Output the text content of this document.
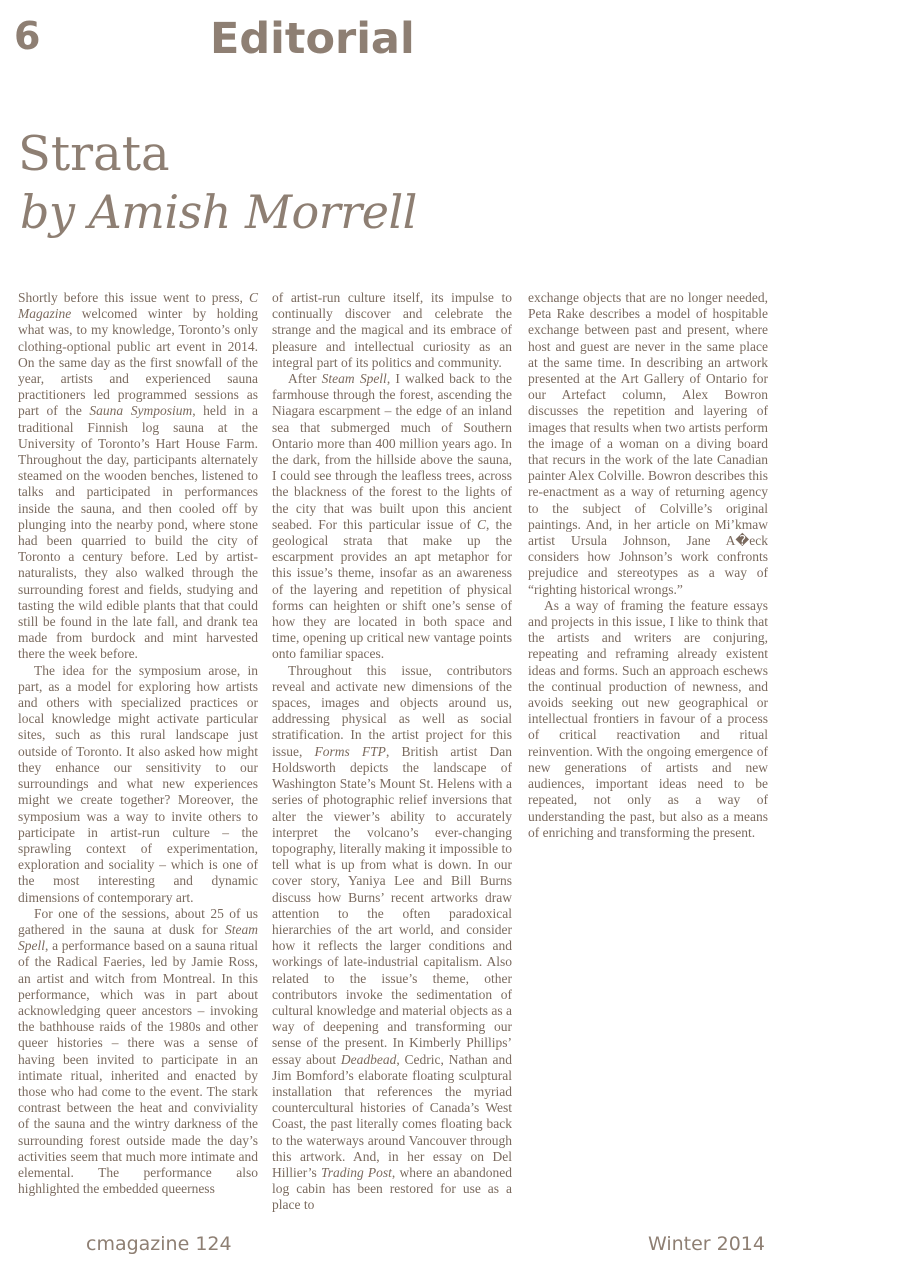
6	Editorial
Strata
by Amish Morrell

Shortly before this issue went to press, C Magazine welcomed winter by holding what was, to my knowledge, Toronto’s only clothing-optional public art event in 2014. On the same day as the first snowfall of the year, artists and experienced sauna practitioners led programmed sessions as part of the Sauna Symposium, held in a traditional Finnish log sauna at the University of Toronto’s Hart House Farm. Throughout the day, participants alternately steamed on the wooden benches, listened to talks and participated in performances inside the sauna, and then cooled off by plunging into the nearby pond, where stone had been quarried to build the city of Toronto a century before. Led by artist-naturalists, they also walked through the surrounding forest and fields, studying and tasting the wild edible plants that that could still be found in the late fall, and drank tea made from burdock and mint harvested there the week before.

The idea for the symposium arose, in part, as a model for exploring how artists and others with specialized practices or local knowledge might activate particular sites, such as this rural landscape just outside of Toronto. It also asked how might they enhance our sensitivity to our surroundings and what new experiences might we create together? Moreover, the symposium was a way to invite others to participate in artist-run culture – the sprawling context of experimentation, exploration and sociality – which is one of the most interesting and dynamic dimensions of contemporary art.

For one of the sessions, about 25 of us gathered in the sauna at dusk for Steam Spell, a performance based on a sauna ritual of the Radical Faeries, led by Jamie Ross, an artist and witch from Montreal. In this performance, which was in part about acknowledging queer ancestors – invoking the bathhouse raids of the 1980s and other queer histories – there was a sense of having been invited to participate in an intimate ritual, inherited and enacted by those who had come to the event. The stark contrast between the heat and conviviality of the sauna and the wintry darkness of the surrounding forest outside made the day’s activities seem that much more intimate and elemental. The performance also highlighted the embedded queerness

of artist-run culture itself, its impulse to continually discover and celebrate the strange and the magical and its embrace of pleasure and intellectual curiosity as an integral part of its politics and community.

After Steam Spell, I walked back to the farmhouse through the forest, ascending the Niagara escarpment – the edge of an inland sea that submerged much of Southern Ontario more than 400 million years ago. In the dark, from the hillside above the sauna, I could see through the leafless trees, across the blackness of the forest to the lights of the city that was built upon this ancient seabed. For this particular issue of C, the geological strata that make up the escarpment provides an apt metaphor for this issue’s theme, insofar as an awareness of the layering and repetition of physical forms can heighten or shift one’s sense of how they are located in both space and time, opening up critical new vantage points onto familiar spaces.

Throughout this issue, contributors reveal and activate new dimensions of the spaces, images and objects around us, addressing physical as well as social stratification. In the artist project for this issue, Forms FTP, British artist Dan Holdsworth depicts the landscape of Washington State’s Mount St. Helens with a series of photographic relief inversions that alter the viewer’s ability to accurately interpret the volcano’s ever-changing topography, literally making it impossible to tell what is up from what is down. In our cover story, Yaniya Lee and Bill Burns discuss how Burns’ recent artworks draw attention to the often paradoxical hierarchies of the art world, and consider how it reflects the larger conditions and workings of late-industrial capitalism. Also related to the issue’s theme, other contributors invoke the sedimentation of cultural knowledge and material objects as a way of deepening and transforming our sense of the present. In Kimberly Phillips’ essay about Deadbead, Cedric, Nathan and Jim Bomford’s elaborate floating sculptural installation that references the myriad countercultural histories of Canada’s West Coast, the past literally comes floating back to the waterways around Vancouver through this artwork. And, in her essay on Del Hillier’s Trading Post, where an abandoned log cabin has been restored for use as a place to

exchange objects that are no longer needed, Peta Rake describes a model of hospitable exchange between past and present, where host and guest are never in the same place at the same time. In describing an artwork presented at the Art Gallery of Ontario for our Artefact column, Alex Bowron discusses the repetition and layering of images that results when two artists perform the image of a woman on a diving board that recurs in the work of the late Canadian painter Alex Colville. Bowron describes this re-enactment as a way of returning agency to the subject of Colville’s original paintings. And, in her article on Mi’kmaw artist Ursula Johnson, Jane A�eck considers how Johnson’s work confronts prejudice and stereotypes as a way of “righting historical wrongs.”

As a way of framing the feature essays and projects in this issue, I like to think that the artists and writers are conjuring, repeating and reframing already existent ideas and forms. Such an approach eschews the continual production of newness, and avoids seeking out new geographical or intellectual frontiers in favour of a process of critical reactivation and ritual reinvention. With the ongoing emergence of new generations of artists and new audiences, important ideas need to be repeated, not only as a way of understanding the past, but also as a means of enriching and transforming the present.

cmagazine 124	Winter 2014
